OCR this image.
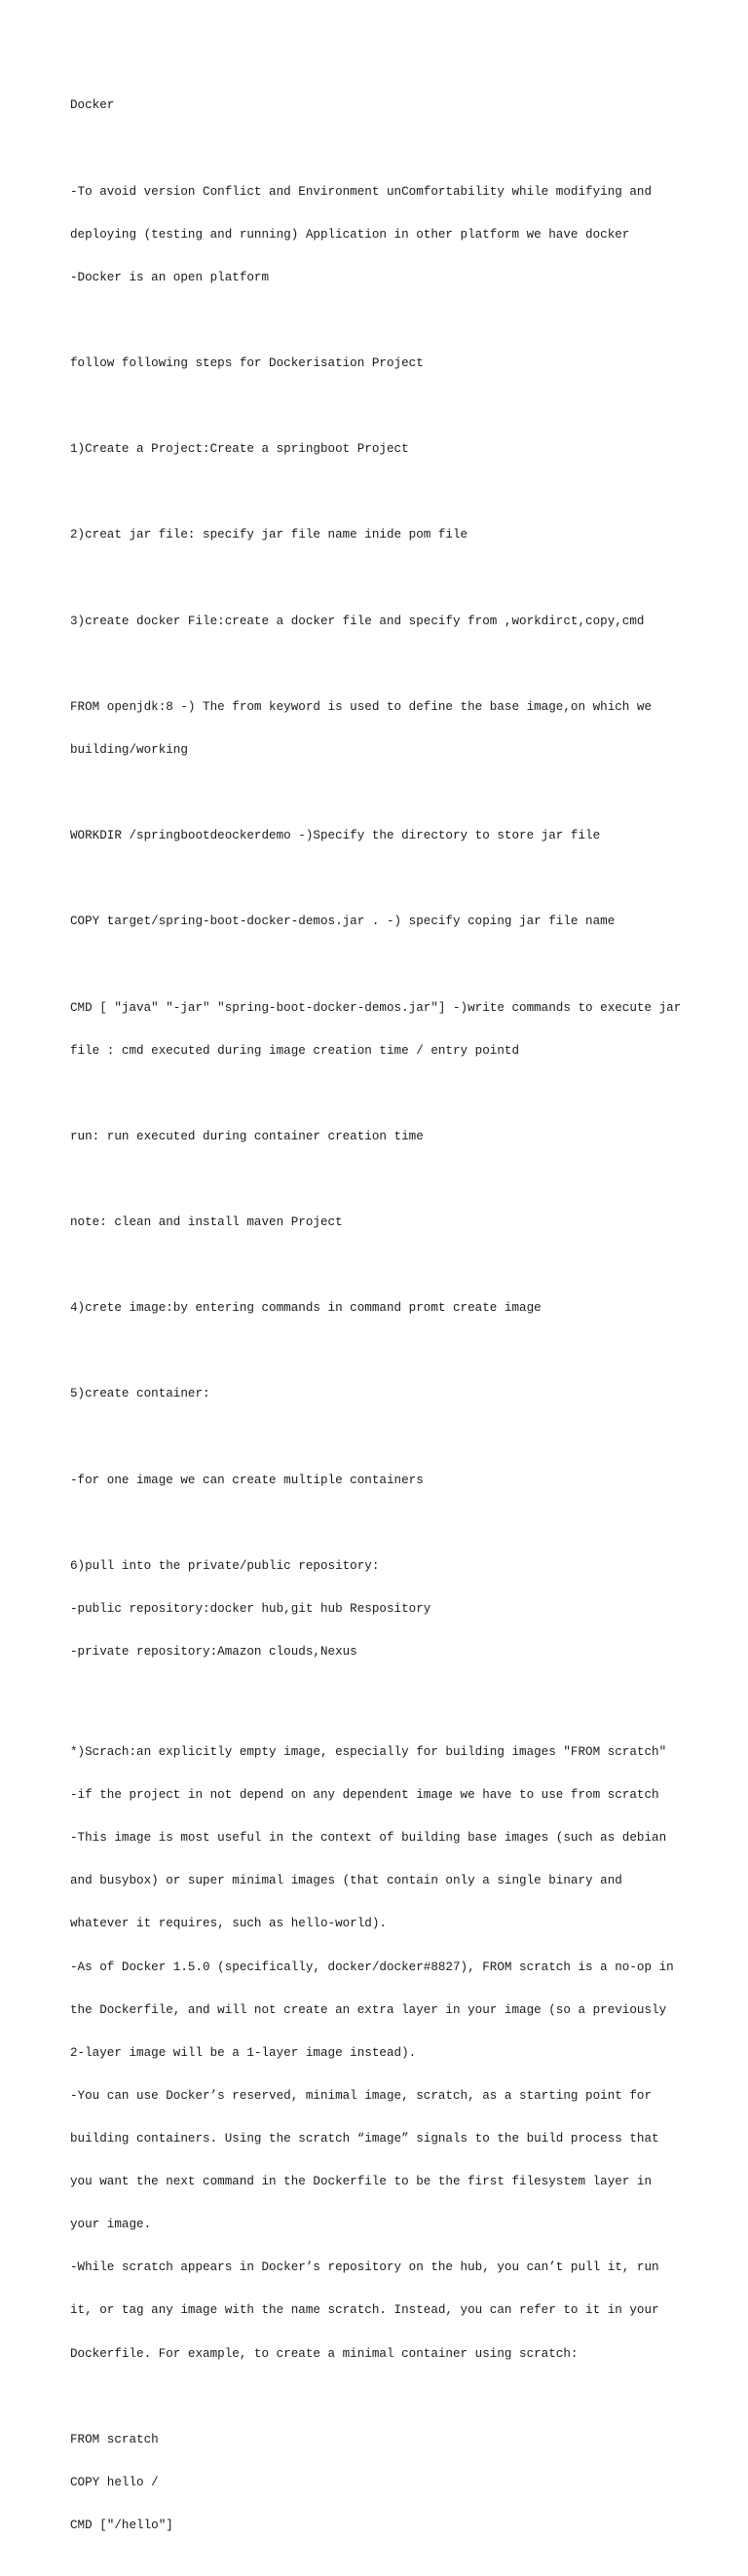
Docker

-To avoid version Conflict and Environment unComfortability while modifying and

deploying (testing and running) Application in other platform we have docker

-Docker is an open platform

follow following steps for Dockerisation Project

1)Create a Project:Create a springboot Project

2)creat jar file: specify jar file name inide pom file

3)create docker File:create a docker file and specify from ,workdirct,copy,cmd

FROM openjdk:8 -) The from keyword is used to define the base image,on which we

building/working

WORKDIR /springbootdeockerdemo -)Specify the directory to store jar file

COPY target/spring-boot-docker-demos.jar . -) specify coping jar file name

CMD [ "java" "-jar" "spring-boot-docker-demos.jar"] -)write commands to execute jar

file : cmd executed during image creation time / entry pointd

run: run executed during container creation time

note: clean and install maven Project

4)crete image:by entering commands in command promt create image

5)create container:

-for one image we can create multiple containers

6)pull into the private/public repository:

-public repository:docker hub,git hub Respository

-private repository:Amazon clouds,Nexus

*)Scrach:an explicitly empty image, especially for building images "FROM scratch"

-if the project in not depend on any dependent image we have to use from scratch

-This image is most useful in the context of building base images (such as debian

and busybox) or super minimal images (that contain only a single binary and

whatever it requires, such as hello-world).

-As of Docker 1.5.0 (specifically, docker/docker#8827), FROM scratch is a no-op in

the Dockerfile, and will not create an extra layer in your image (so a previously

2-layer image will be a 1-layer image instead).

-You can use Docker’s reserved, minimal image, scratch, as a starting point for

building containers. Using the scratch “image” signals to the build process that

you want the next command in the Dockerfile to be the first filesystem layer in

your image.

-While scratch appears in Docker’s repository on the hub, you can’t pull it, run

it, or tag any image with the name scratch. Instead, you can refer to it in your

Dockerfile. For example, to create a minimal container using scratch:

FROM scratch

COPY hello /

CMD ["/hello"]
